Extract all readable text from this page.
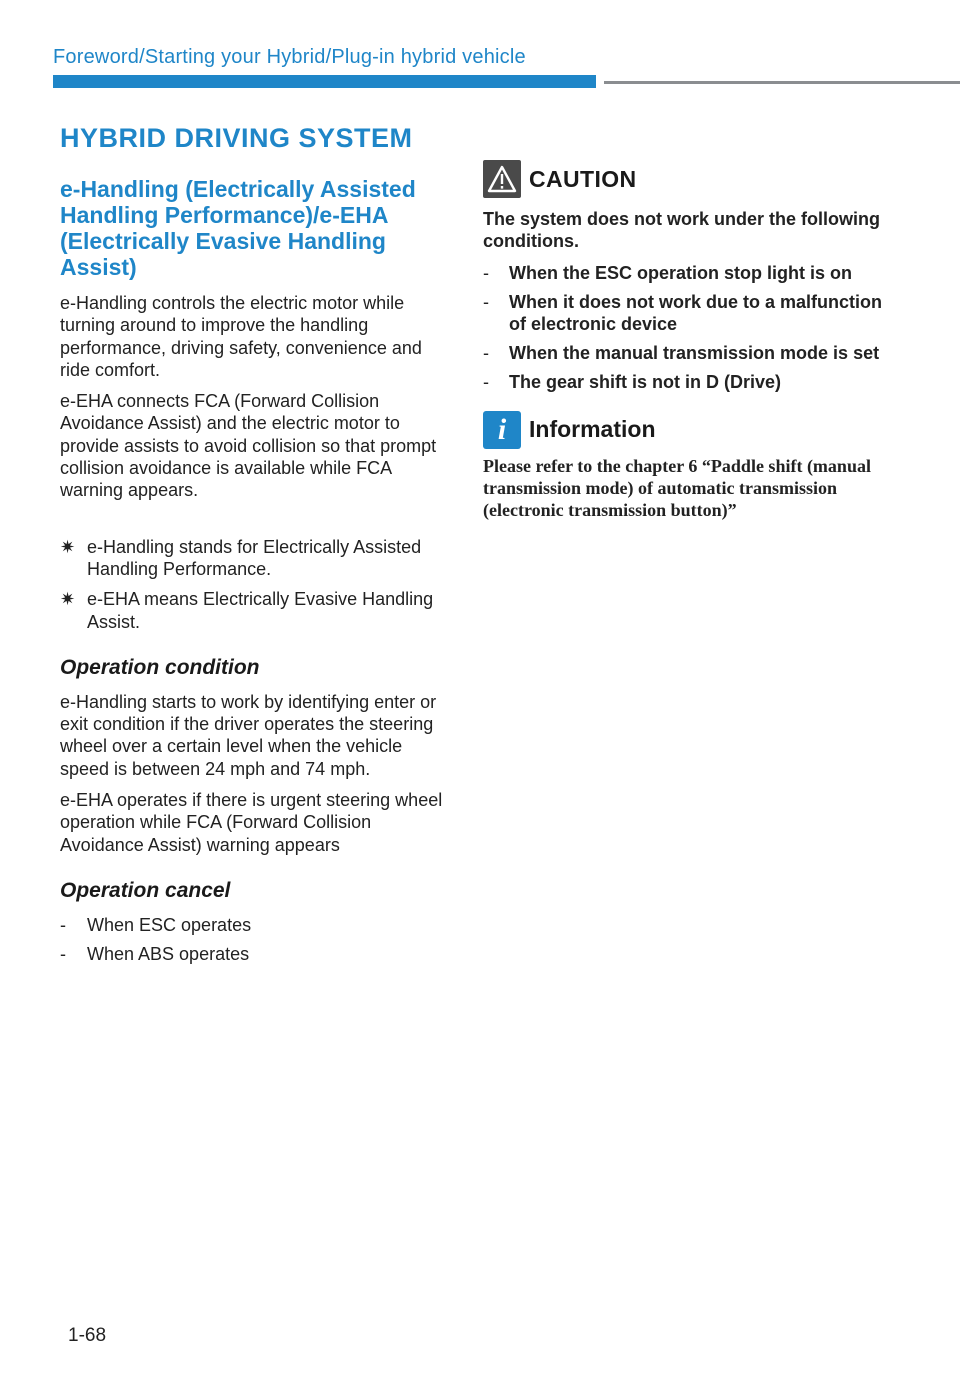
Foreword/Starting your Hybrid/Plug-in hybrid vehicle
HYBRID DRIVING SYSTEM
e-Handling (Electrically Assisted Handling Performance)/e-EHA (Electrically Evasive Handling Assist)

e-Handling controls the electric motor while turning around to improve the handling performance, driving safety, convenience and ride comfort.

e-EHA connects FCA (Forward Collision Avoidance Assist) and the electric motor to provide assists to avoid collision so that prompt collision avoidance is available while FCA warning appears.

✷ e-Handling stands for Electrically Assisted Handling Performance.
✷ e-EHA means Electrically Evasive Handling Assist.
Operation condition

e-Handling starts to work by identifying enter or exit condition if the driver operates the steering wheel over a certain level when the vehicle speed is between 24 mph and 74 mph.

e-EHA operates if there is urgent steering wheel operation while FCA (Forward Collision Avoidance Assist) warning appears

Operation cancel
- When ESC operates
- When ABS operates
CAUTION

The system does not work under the following conditions.

- When the ESC operation stop light is on
- When it does not work due to a malfunction of electronic device
- When the manual transmission mode is set
- The gear shift is not in D (Drive)
i Information

Please refer to the chapter 6 “Paddle shift (manual transmission mode) of automatic transmission (electronic transmission button)”

1-68
